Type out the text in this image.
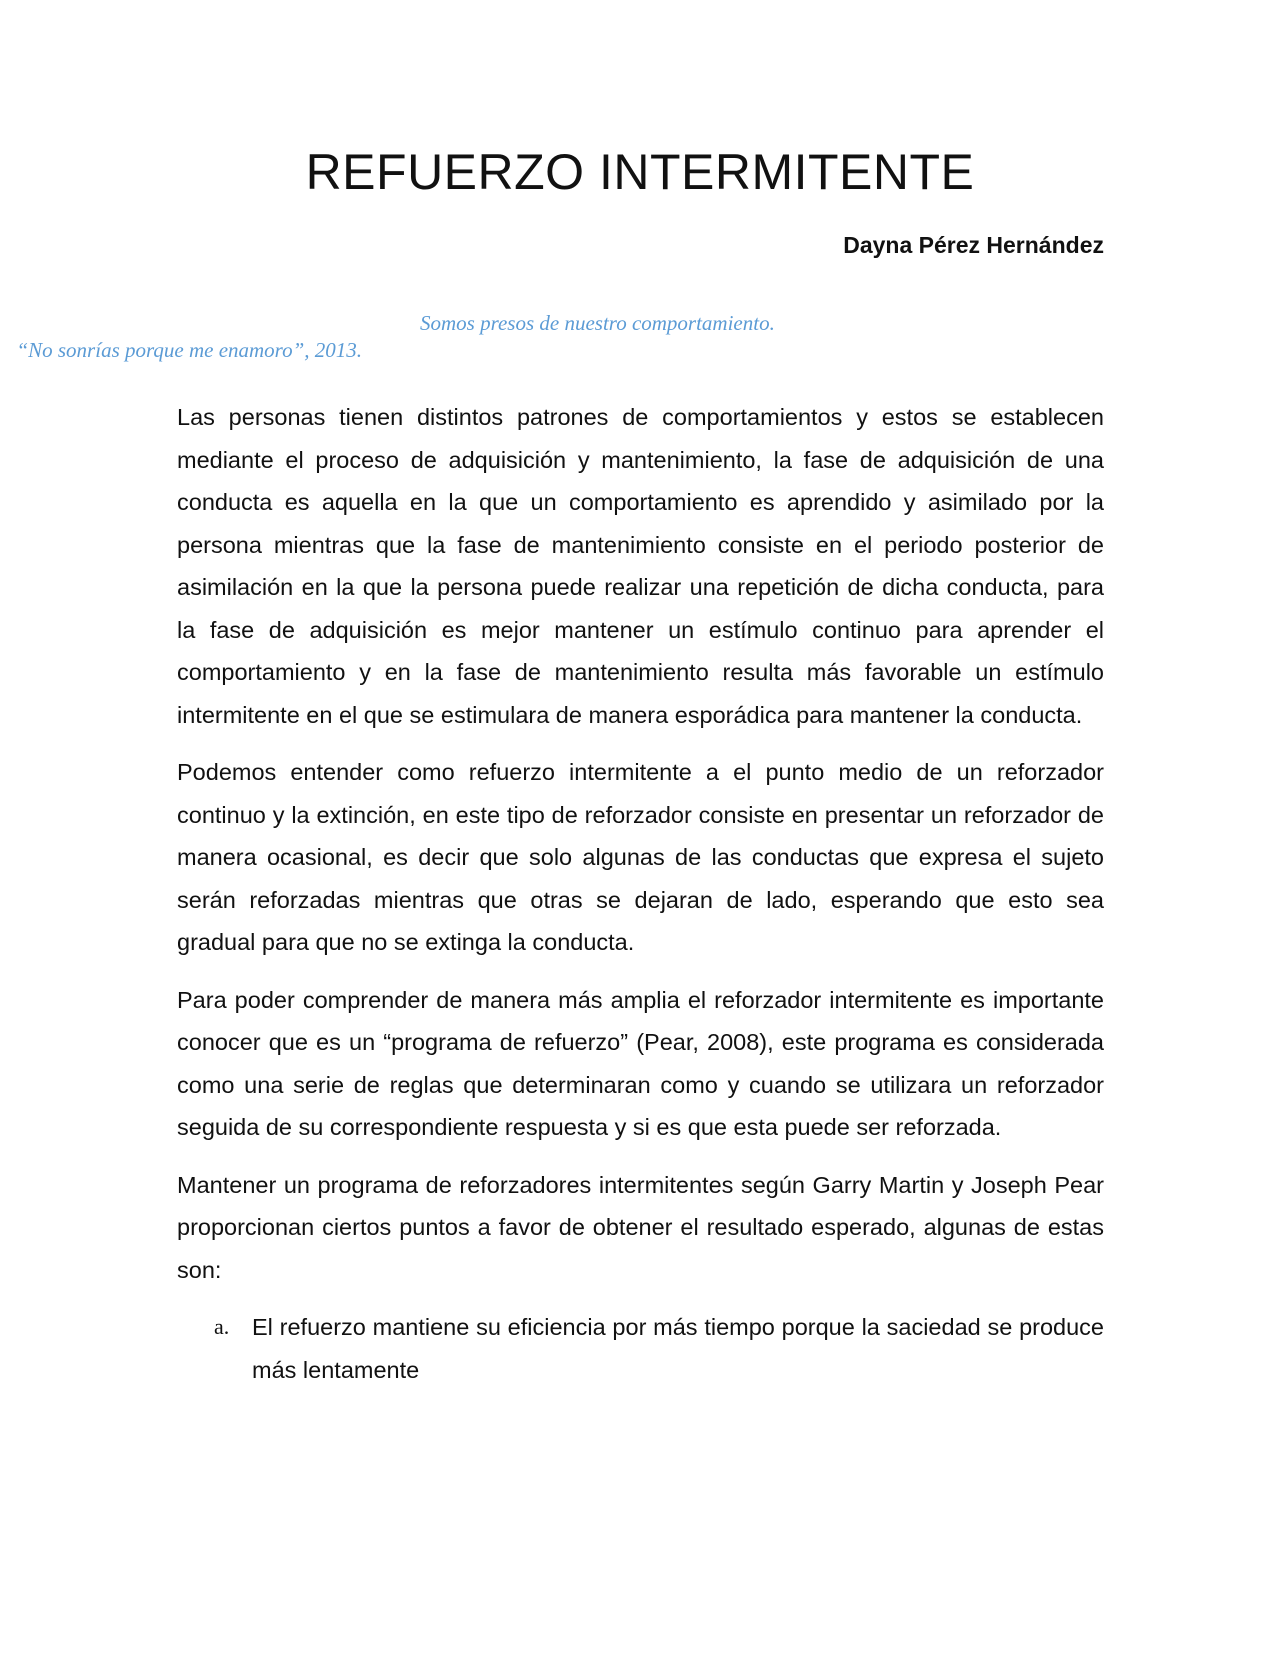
REFUERZO INTERMITENTE
Dayna Pérez Hernández
Somos presos de nuestro comportamiento.
“No sonrías porque me enamoro”, 2013.

Las personas tienen distintos patrones de comportamientos y estos se establecen mediante el proceso de adquisición y mantenimiento, la fase de adquisición de una conducta es aquella en la que un comportamiento es aprendido y asimilado por la persona mientras que la fase de mantenimiento consiste en el periodo posterior de asimilación en la que la persona puede realizar una repetición de dicha conducta, para la fase de adquisición es mejor mantener un estímulo continuo para aprender el comportamiento y en la fase de mantenimiento resulta más favorable un estímulo intermitente en el que se estimulara de manera esporádica para mantener la conducta.

Podemos entender como refuerzo intermitente a el punto medio de un reforzador continuo y la extinción, en este tipo de reforzador consiste en presentar un reforzador de manera ocasional, es decir que solo algunas de las conductas que expresa el sujeto serán reforzadas mientras que otras se dejaran de lado, esperando que esto sea gradual para que no se extinga la conducta.

Para poder comprender de manera más amplia el reforzador intermitente es importante conocer que es un “programa de refuerzo” (Pear, 2008), este programa es considerada como una serie de reglas que determinaran como y cuando se utilizara un reforzador seguida de su correspondiente respuesta y si es que esta puede ser reforzada.

Mantener un programa de reforzadores intermitentes según Garry Martin y Joseph Pear proporcionan ciertos puntos a favor de obtener el resultado esperado, algunas de estas son:

a. El refuerzo mantiene su eficiencia por más tiempo porque la saciedad se produce más lentamente
